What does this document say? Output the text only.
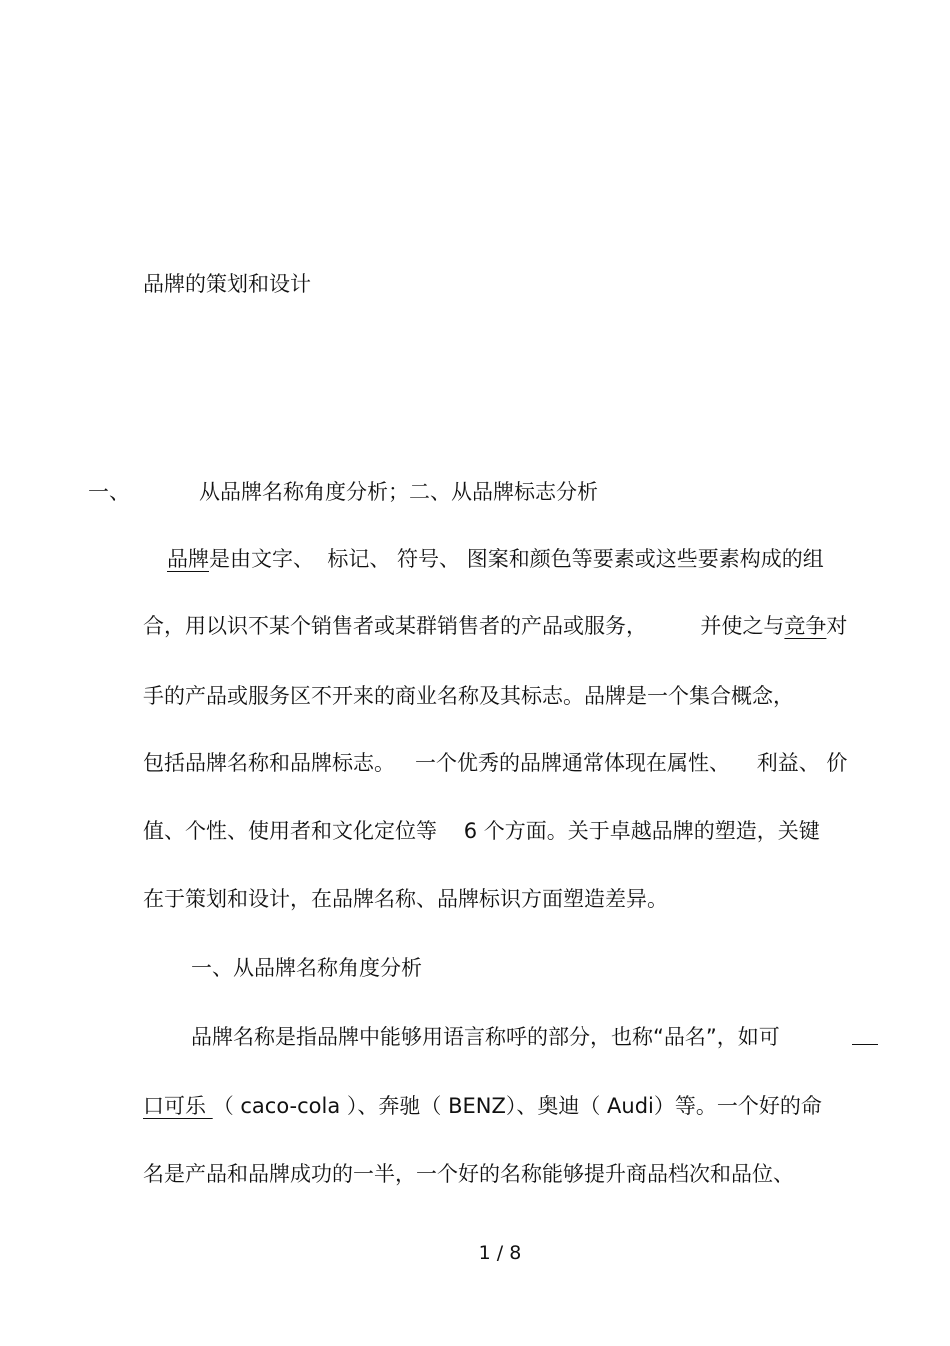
品牌的策划和设计
一、	从品牌名称角度分析；二、从品牌标志分析
品牌是由文字、  标记、 符号、 图案和颜色等要素或这些要素构成的组
合，用以识不某个销售者或某群销售者的产品或服务，        并使之与竞争对
手的产品或服务区不开来的商业名称及其标志。品牌是一个集合概念，
包括品牌名称和品牌标志。   一个优秀的品牌通常体现在属性、    利益、 价
值、个性、使用者和文化定位等    6 个方面。关于卓越品牌的塑造，关键
在于策划和设计，在品牌名称、品牌标识方面塑造差异。
一、从品牌名称角度分析
品牌名称是指品牌中能够用语言称呼的部分，也称“品名”，如可
口可乐 （ caco-cola ）、奔驰（ BENZ）、奥迪（ Audi）等。一个好的命
名是产品和品牌成功的一半，一个好的名称能够提升商品档次和品位、
1 / 8
